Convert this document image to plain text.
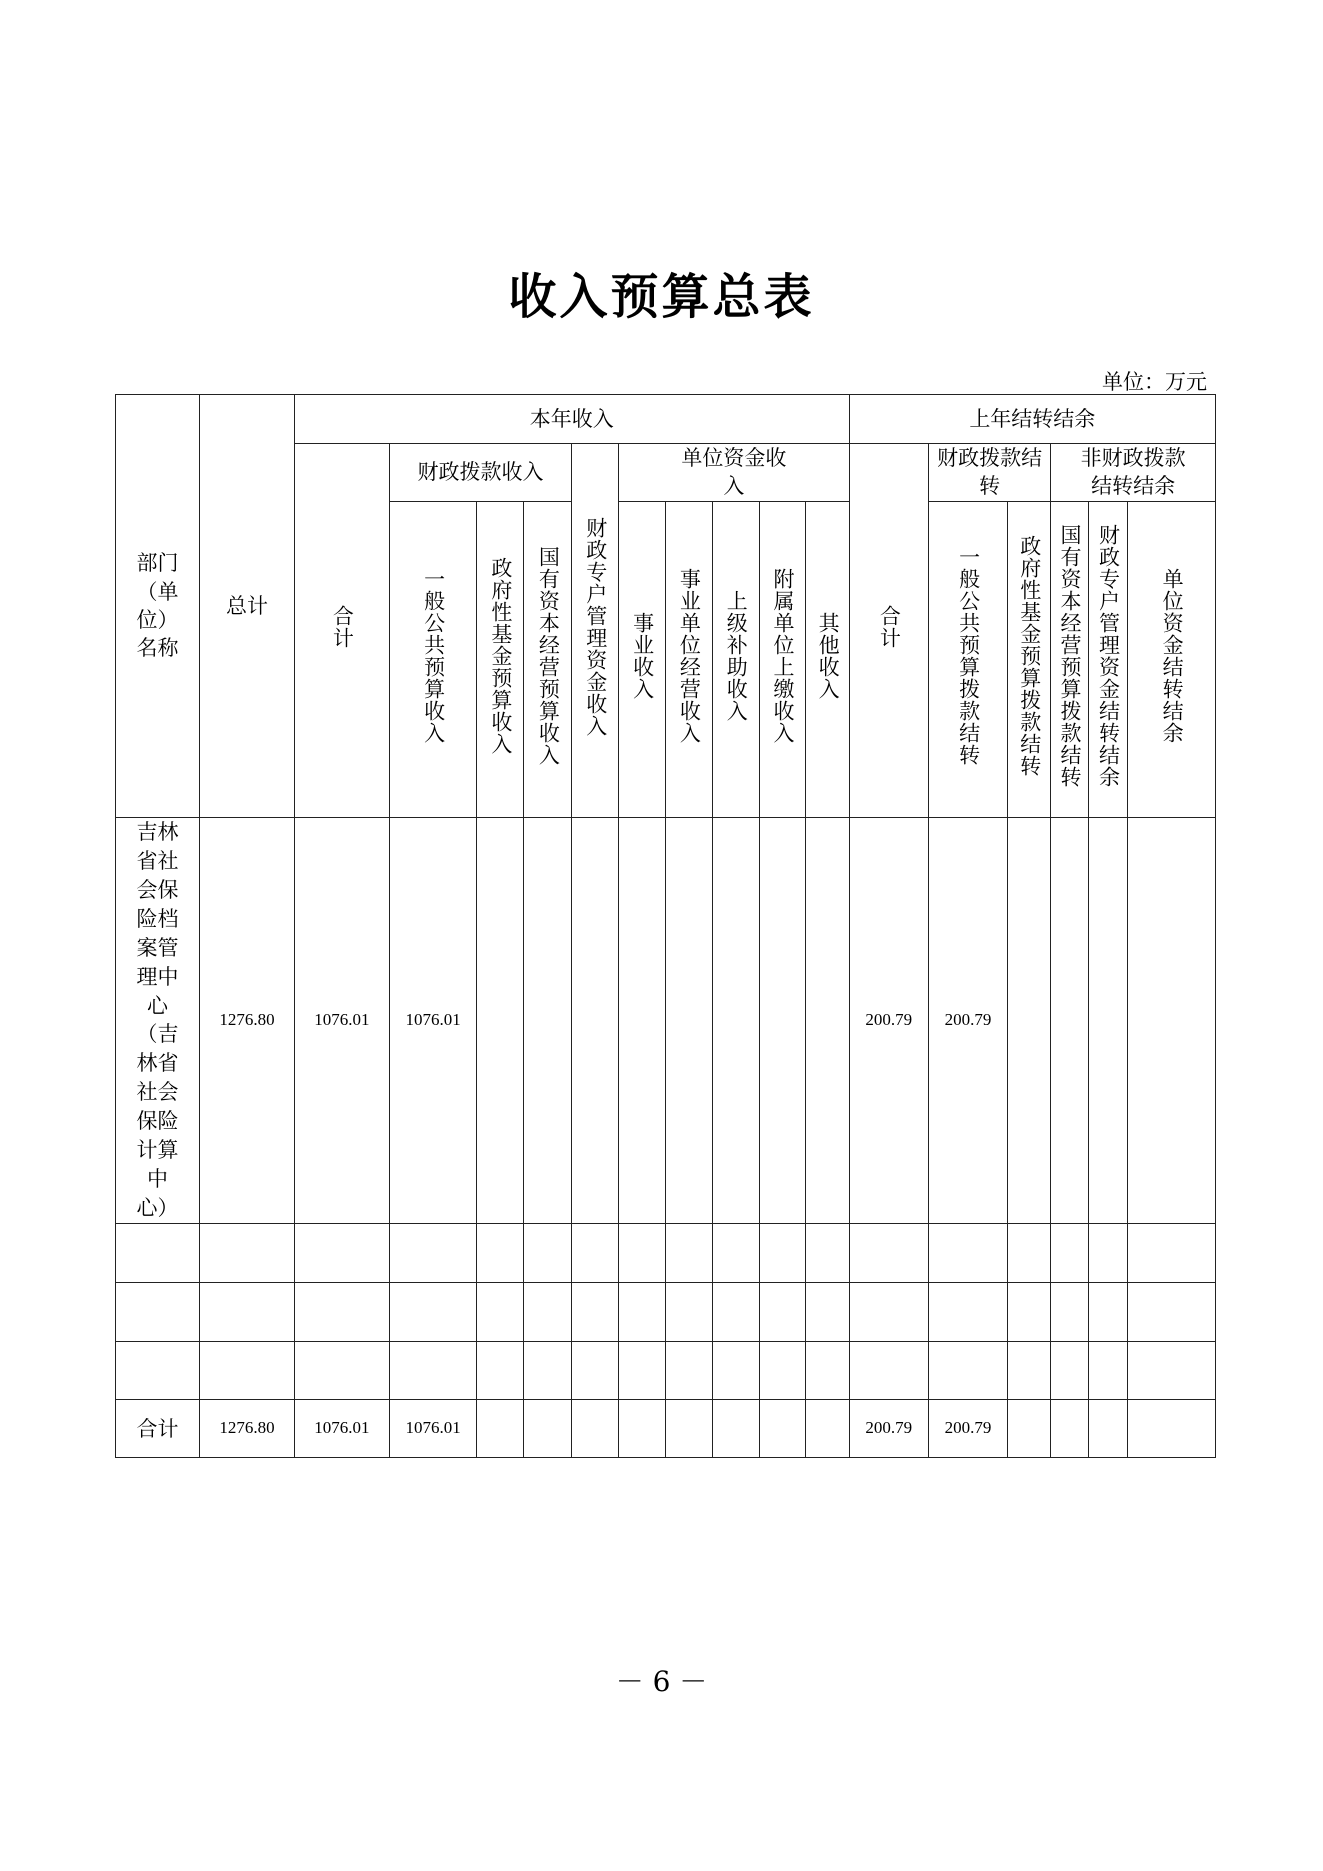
收入预算总表
单位：万元
部门（单位）名称	总计	本年收入										上年结转结余					
		合计	财政拨款收入			财政专户管理资金收入	单位资金收入					合计	财政拨款结转		非财政拨款结转结余		
			一般公共预算收入	政府性基金预算收入	国有资本经营预算收入		事业收入	事业单位经营收入	上级补助收入	附属单位上缴收入	其他收入		一般公共预算拨款结转	政府性基金预算拨款结转	国有资本经营预算拨款结转	财政专户管理资金结转结余	单位资金结转结余
吉林省社会保险档案管理中心（吉林省社会保险计算中心）	1276.80	1076.01	1076.01									200.79	200.79				

合计	1276.80	1076.01	1076.01									200.79	200.79				
－ 6 －
